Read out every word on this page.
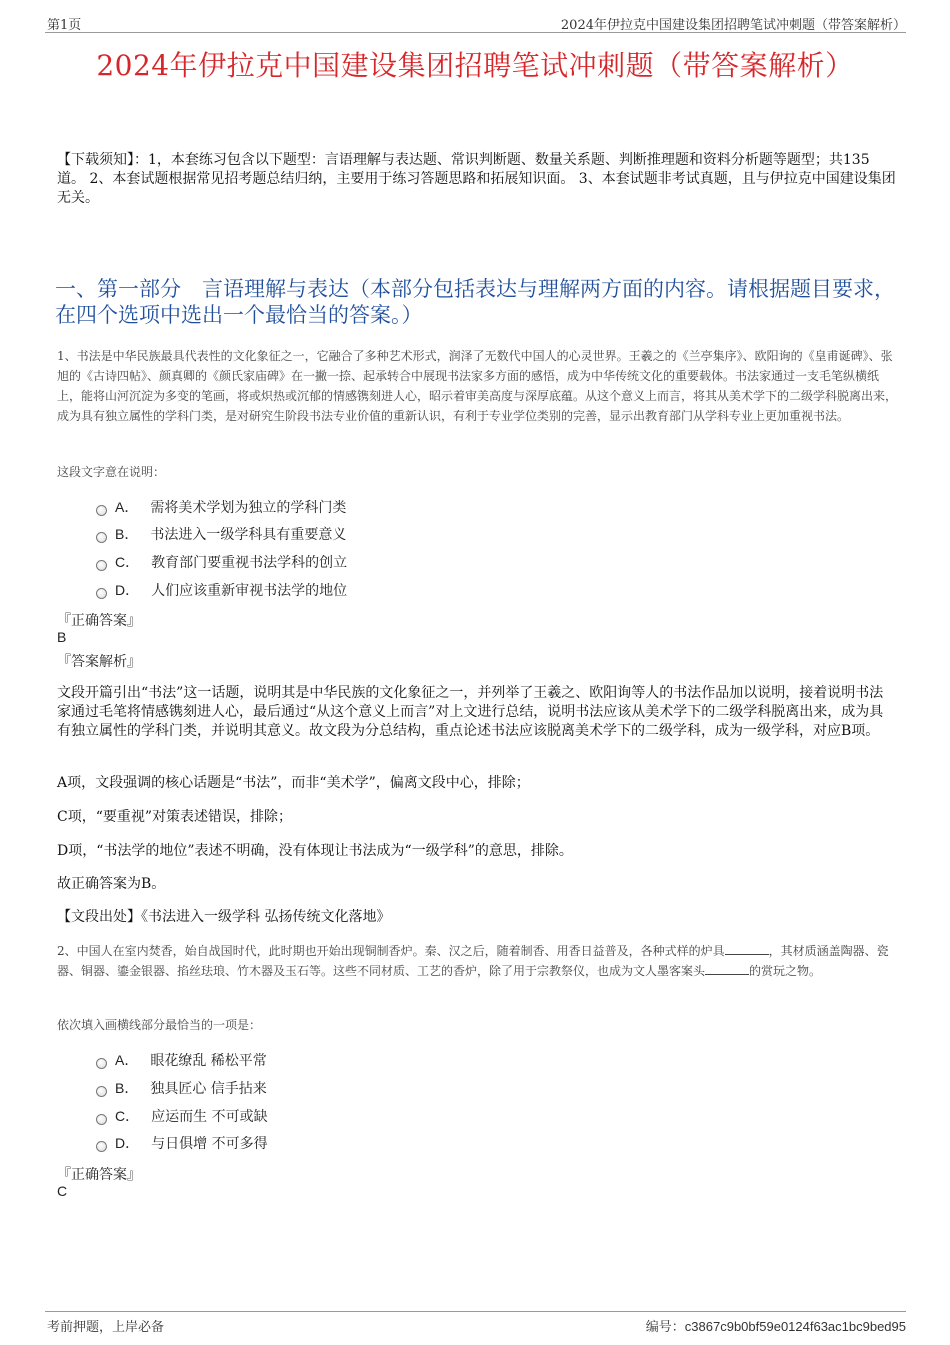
第1页	2024年伊拉克中国建设集团招聘笔试冲刺题（带答案解析）
2024年伊拉克中国建设集团招聘笔试冲刺题（带答案解析）
【下载须知】：1，本套练习包含以下题型：言语理解与表达题、常识判断题、数量关系题、判断推理题和资料分析题等题型；共135道。 2、本套试题根据常见招考题总结归纳，主要用于练习答题思路和拓展知识面。 3、本套试题非考试真题，且与伊拉克中国建设集团无关。
一、第一部分　言语理解与表达（本部分包括表达与理解两方面的内容。请根据题目要求，在四个选项中选出一个最恰当的答案。）
1、书法是中华民族最具代表性的文化象征之一，它融合了多种艺术形式，润泽了无数代中国人的心灵世界。王羲之的《兰亭集序》、欧阳询的《皇甫诞碑》、张旭的《古诗四帖》、颜真卿的《颜氏家庙碑》在一撇一捺、起承转合中展现书法家多方面的感悟，成为中华传统文化的重要载体。书法家通过一支毛笔纵横纸上，能将山河沉淀为多变的笔画，将或炽热或沉郁的情感镌刻进人心，昭示着审美高度与深厚底蕴。从这个意义上而言，将其从美术学下的二级学科脱离出来，成为具有独立属性的学科门类，是对研究生阶段书法专业价值的重新认识，有利于专业学位类别的完善，显示出教育部门从学科专业上更加重视书法。
这段文字意在说明：
A． 需将美术学划为独立的学科门类
B． 书法进入一级学科具有重要意义
C． 教育部门要重视书法学科的创立
D． 人们应该重新审视书法学的地位
『正确答案』
B
『答案解析』
文段开篇引出“书法”这一话题，说明其是中华民族的文化象征之一，并列举了王羲之、欧阳询等人的书法作品加以说明，接着说明书法家通过毛笔将情感镌刻进人心，最后通过“从这个意义上而言”对上文进行总结，说明书法应该从美术学下的二级学科脱离出来，成为具有独立属性的学科门类，并说明其意义。故文段为分总结构，重点论述书法应该脱离美术学下的二级学科，成为一级学科，对应B项。
A项，文段强调的核心话题是“书法”，而非“美术学”，偏离文段中心，排除；
C项，“要重视”对策表述错误，排除；
D项，“书法学的地位”表述不明确，没有体现让书法成为“一级学科”的意思，排除。
故正确答案为B。
【文段出处】《书法进入一级学科 弘扬传统文化落地》
2、中国人在室内焚香，始自战国时代，此时期也开始出现铜制香炉。秦、汉之后，随着制香、用香日益普及，各种式样的炉具	，其材质涵盖陶器、瓷器、铜器、鎏金银器、掐丝珐琅、竹木器及玉石等。这些不同材质、工艺的香炉，除了用于宗教祭仪，也成为文人墨客案头	的赏玩之物。
依次填入画横线部分最恰当的一项是：
A． 眼花缭乱 稀松平常
B． 独具匠心 信手拈来
C． 应运而生 不可或缺
D． 与日俱增 不可多得
『正确答案』
C
考前押题，上岸必备	编号：c3867c9b0bf59e0124f63ac1bc9bed95
